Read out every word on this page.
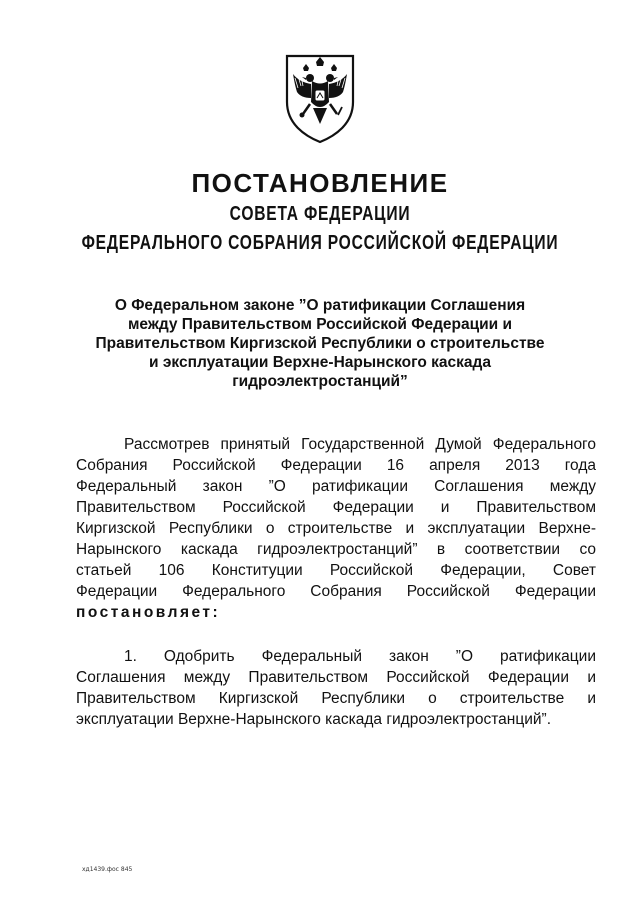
ПОСТАНОВЛЕНИЕ
СОВЕТА ФЕДЕРАЦИИ
ФЕДЕРАЛЬНОГО СОБРАНИЯ РОССИЙСКОЙ ФЕДЕРАЦИИ
О Федеральном законе ”О ратификации Соглашения
между Правительством Российской Федерации и
Правительством Киргизской Республики о строительстве
и эксплуатации Верхне-Нарынского каскада
гидроэлектростанций”
Рассмотрев принятый Государственной Думой Федерального
Собрания Российской Федерации 16 апреля 2013 года
Федеральный закон ”О ратификации Соглашения между
Правительством Российской Федерации и Правительством
Киргизской Республики о строительстве и эксплуатации Верхне-
Нарынского каскада гидроэлектростанций” в соответствии со
статьей 106 Конституции Российской Федерации, Совет
Федерации Федерального Собрания Российской Федерации
постановляет:
1. Одобрить Федеральный закон ”О ратификации
Соглашения между Правительством Российской Федерации и
Правительством Киргизской Республики о строительстве и
эксплуатации Верхне-Нарынского каскада гидроэлектростанций”.
хд1439.фос 845
